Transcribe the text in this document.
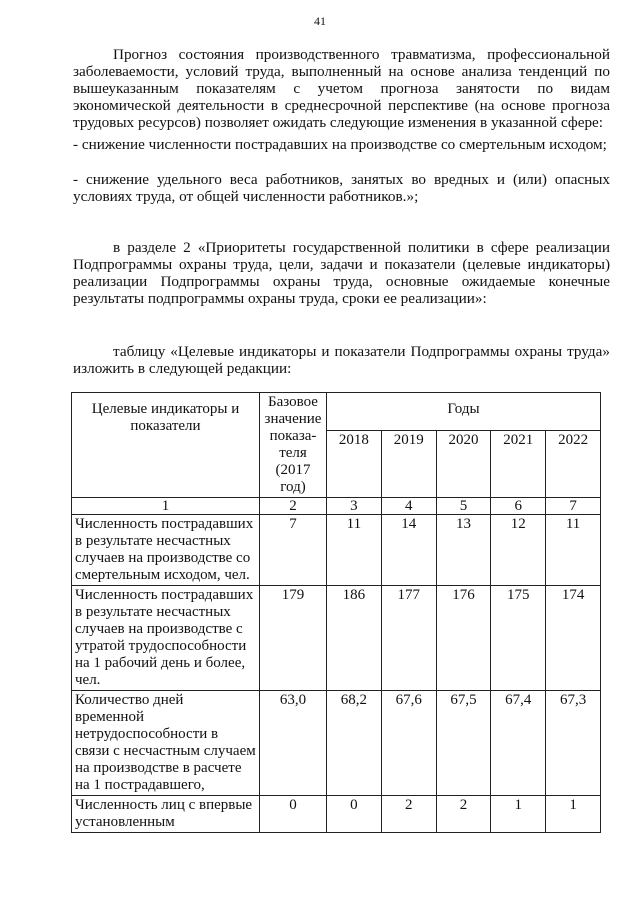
41

Прогноз состояния производственного травматизма, профессиональной заболеваемости, условий труда, выполненный на основе анализа тенденций по вышеуказанным показателям с учетом прогноза занятости по видам экономической деятельности в среднесрочной перспективе (на основе прогноза трудовых ресурсов) позволяет ожидать следующие изменения в указанной сфере:

- снижение численности пострадавших на производстве со смертельным исходом;

- снижение удельного веса работников, занятых во вредных и (или) опасных условиях труда, от общей численности работников.»;

в разделе 2 «Приоритеты государственной политики в сфере реализации Подпрограммы охраны труда, цели, задачи и показатели (целевые индикаторы) реализации Подпрограммы охраны труда, основные ожидаемые конечные результаты подпрограммы охраны труда, сроки ее реализации»:

таблицу «Целевые индикаторы и показатели Подпрограммы охраны труда» изложить в следующей редакции:

Целевые индикаторы и показатели	Базовое значение показа-теля (2017 год)	Годы				
		2018	2019	2020	2021	2022
1	2	3	4	5	6	7
Численность пострадавших в результате несчастных случаев на производстве со смертельным исходом, чел.	7	11	14	13	12	11
Численность пострадавших в результате несчастных случаев на производстве с утратой трудоспособности на 1 рабочий день и более, чел.	179	186	177	176	175	174
Количество дней временной нетрудоспособности в связи с несчастным случаем на производстве в расчете на 1 пострадавшего,	63,0	68,2	67,6	67,5	67,4	67,3
Численность лиц с впервые установленным	0	0	2	2	1	1
